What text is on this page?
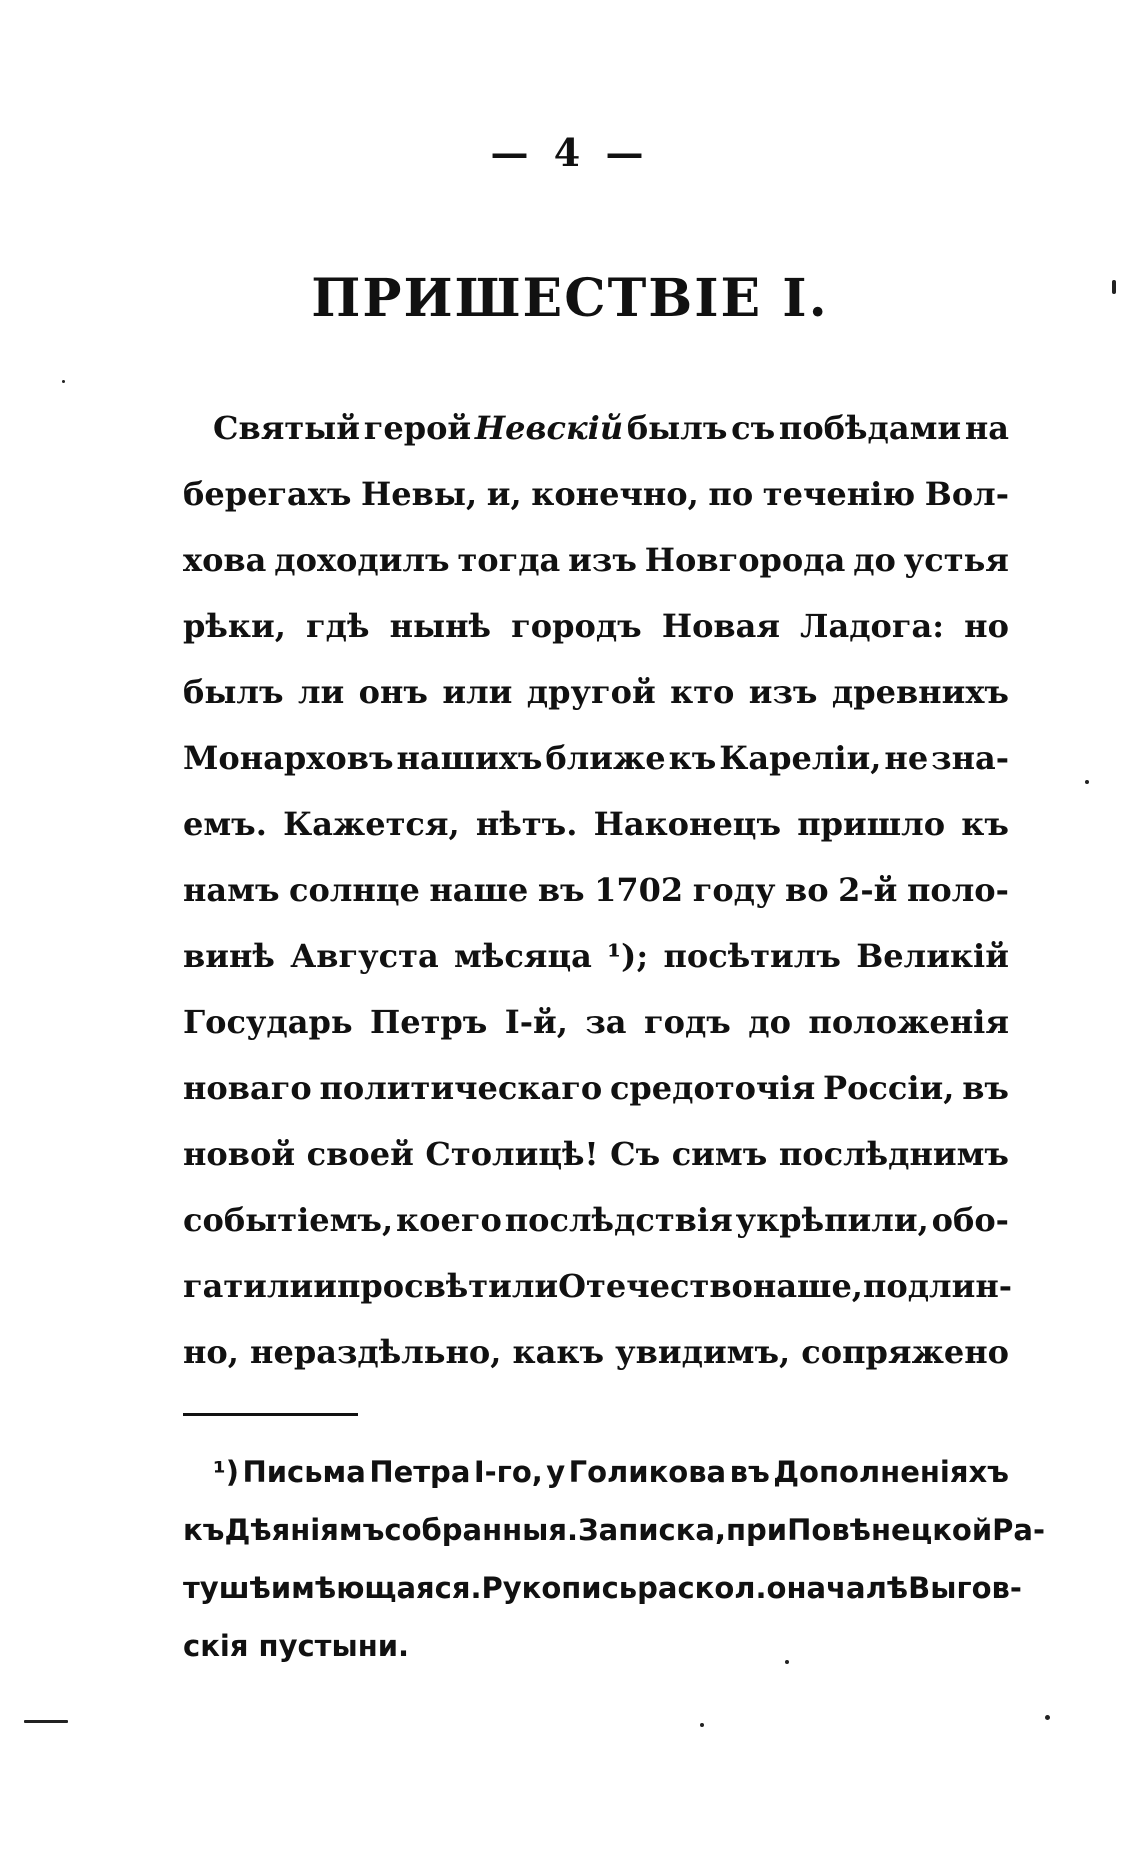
— 4 —
ПРИШЕСТВІЕ I.
Святый герой Невскій былъ съ побѣдами на
берегахъ Невы, и, конечно, по теченію Вол-
хова доходилъ тогда изъ Новгорода до устья
рѣки, гдѣ нынѣ городъ Новая Ладога: но
былъ ли онъ или другой кто изъ древнихъ
Монарховъ нашихъ ближе къ Кареліи, не зна-
емъ. Кажется, нѣтъ. Наконецъ пришло къ
намъ солнце наше въ 1702 году во 2-й поло-
винѣ Августа мѣсяца ¹); посѣтилъ Великій
Государь Петръ I-й, за годъ до положенія
новаго политическаго средоточія Россіи, въ
новой своей Столицѣ! Съ симъ послѣднимъ
событіемъ, коего послѣдствія укрѣпили, обо-
гатили и просвѣтили Отечество наше, подлин-
но, нераздѣльно, какъ увидимъ, сопряжено
¹) Письма Петра I-го, у Голикова въ Дополненіяхъ
къ Дѣяніямъ собранныя. Записка, при Повѣнецкой Ра-
тушѣ имѣющаяся. Рукопись раскол. о началѣ Выгов-
скія пустыни.
